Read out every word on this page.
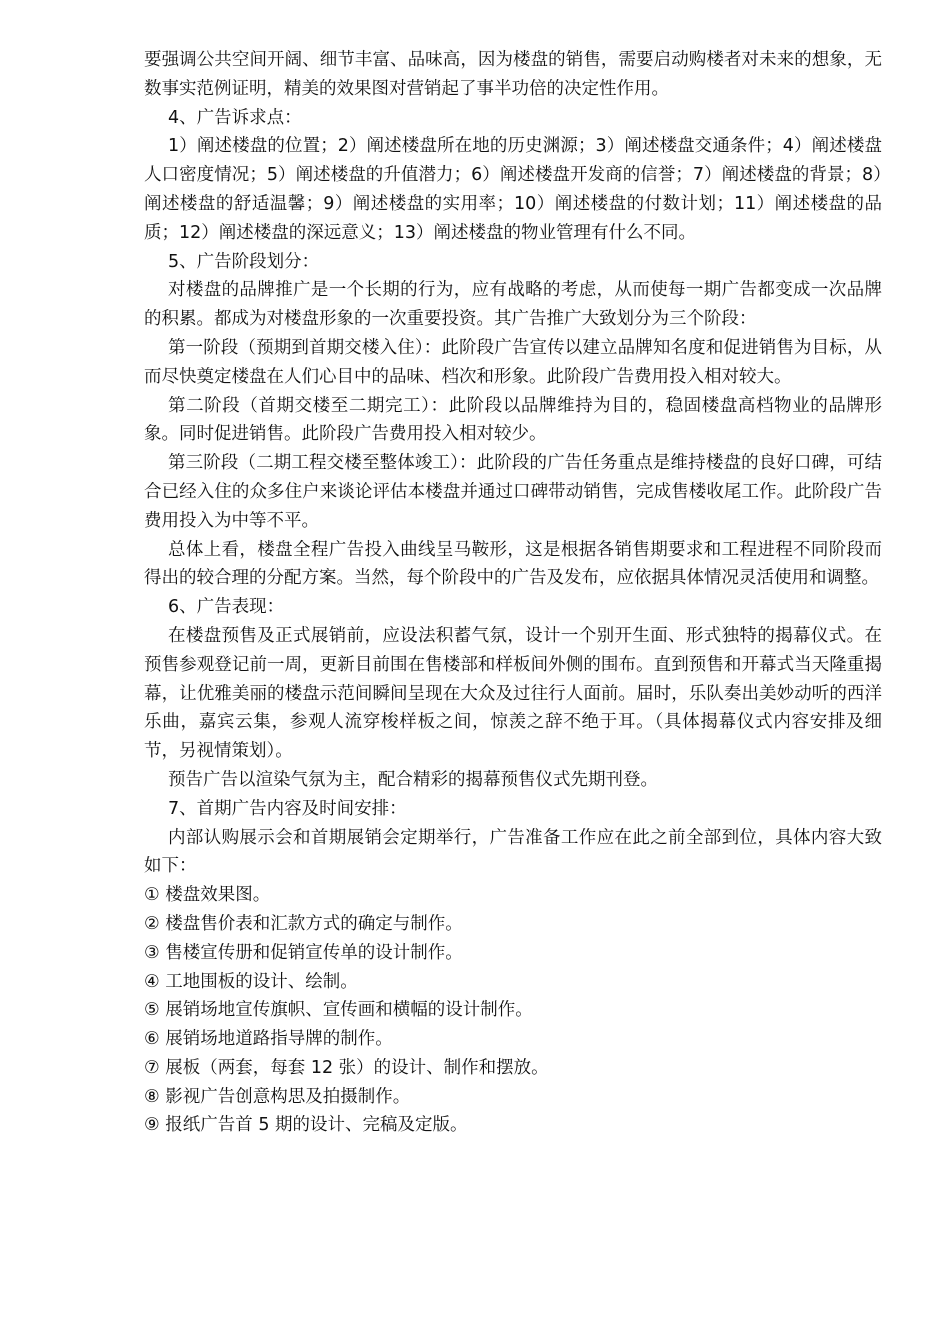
要强调公共空间开阔、细节丰富、品味高，因为楼盘的销售，需要启动购楼者对未来的想象，无数事实范例证明，精美的效果图对营销起了事半功倍的决定性作用。

4、广告诉求点：

1）阐述楼盘的位置；2）阐述楼盘所在地的历史渊源；3）阐述楼盘交通条件；4）阐述楼盘人口密度情况；5）阐述楼盘的升值潜力；6）阐述楼盘开发商的信誉；7）阐述楼盘的背景；8）阐述楼盘的舒适温馨；9）阐述楼盘的实用率；10）阐述楼盘的付数计划；11）阐述楼盘的品质；12）阐述楼盘的深远意义；13）阐述楼盘的物业管理有什么不同。

5、广告阶段划分：

对楼盘的品牌推广是一个长期的行为，应有战略的考虑，从而使每一期广告都变成一次品牌的积累。都成为对楼盘形象的一次重要投资。其广告推广大致划分为三个阶段：

第一阶段（预期到首期交楼入住）：此阶段广告宣传以建立品牌知名度和促进销售为目标，从而尽快奠定楼盘在人们心目中的品味、档次和形象。此阶段广告费用投入相对较大。

第二阶段（首期交楼至二期完工）：此阶段以品牌维持为目的，稳固楼盘高档物业的品牌形象。同时促进销售。此阶段广告费用投入相对较少。

第三阶段（二期工程交楼至整体竣工）：此阶段的广告任务重点是维持楼盘的良好口碑，可结合已经入住的众多住户来谈论评估本楼盘并通过口碑带动销售，完成售楼收尾工作。此阶段广告费用投入为中等不平。

总体上看，楼盘全程广告投入曲线呈马鞍形，这是根据各销售期要求和工程进程不同阶段而得出的较合理的分配方案。当然，每个阶段中的广告及发布，应依据具体情况灵活使用和调整。

6、广告表现：

在楼盘预售及正式展销前，应设法积蓄气氛，设计一个别开生面、形式独特的揭幕仪式。在预售参观登记前一周，更新目前围在售楼部和样板间外侧的围布。直到预售和开幕式当天隆重揭幕，让优雅美丽的楼盘示范间瞬间呈现在大众及过往行人面前。届时，乐队奏出美妙动听的西洋乐曲，嘉宾云集，参观人流穿梭样板之间，惊羡之辞不绝于耳。（具体揭幕仪式内容安排及细节，另视情策划）。

预告广告以渲染气氛为主，配合精彩的揭幕预售仪式先期刊登。

7、首期广告内容及时间安排：

内部认购展示会和首期展销会定期举行，广告准备工作应在此之前全部到位，具体内容大致如下：

① 楼盘效果图。

② 楼盘售价表和汇款方式的确定与制作。

③ 售楼宣传册和促销宣传单的设计制作。

④ 工地围板的设计、绘制。

⑤ 展销场地宣传旗帜、宣传画和横幅的设计制作。

⑥ 展销场地道路指导牌的制作。

⑦ 展板（两套，每套 12 张）的设计、制作和摆放。

⑧ 影视广告创意构思及拍摄制作。

⑨ 报纸广告首 5 期的设计、完稿及定版。
